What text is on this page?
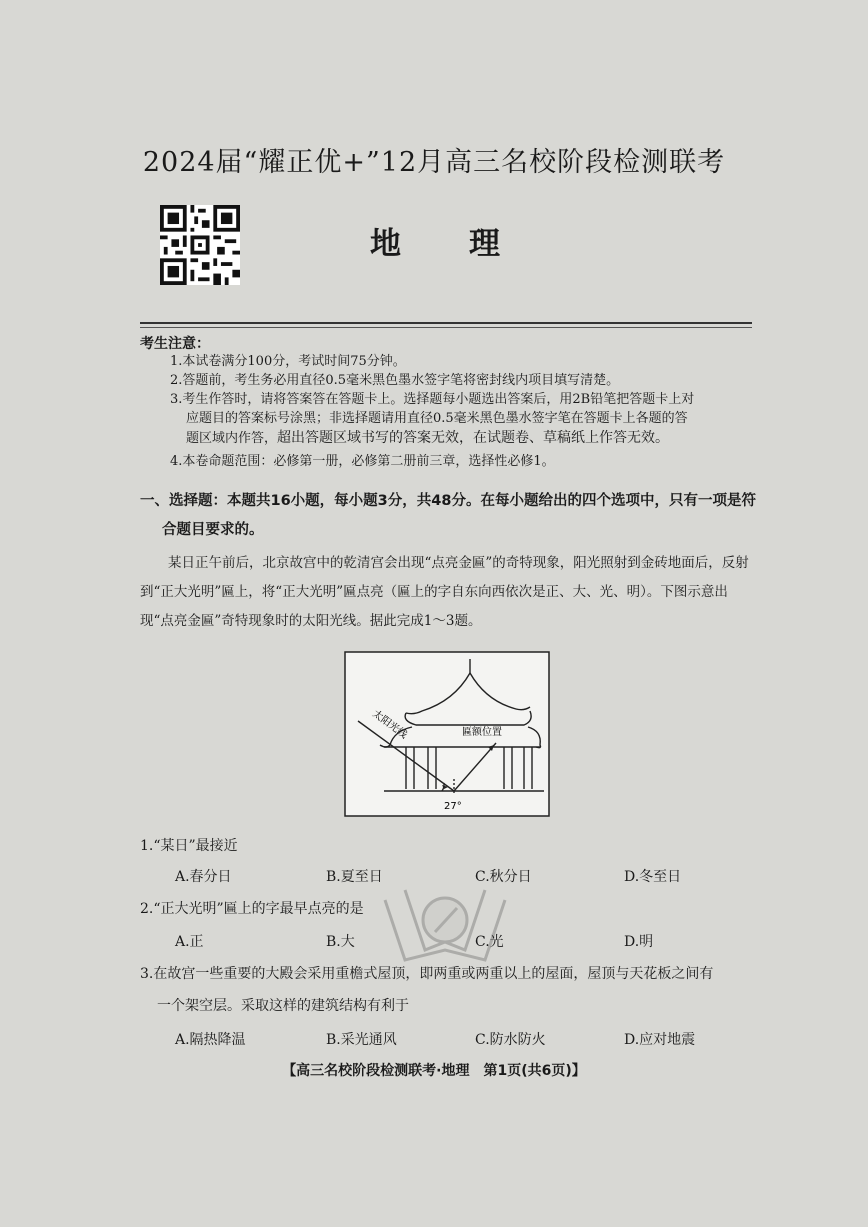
2024届“耀正优+”12月高三名校阶段检测联考
地理
考生注意：
1.本试卷满分100分，考试时间75分钟。
2.答题前，考生务必用直径0.5毫米黑色墨水签字笔将密封线内项目填写清楚。
3.考生作答时，请将答案答在答题卡上。选择题每小题选出答案后，用2B铅笔把答题卡上对
应题目的答案标号涂黑；非选择题请用直径0.5毫米黑色墨水签字笔在答题卡上各题的答
题区域内作答，超出答题区域书写的答案无效，在试题卷、草稿纸上作答无效。
4.本卷命题范围：必修第一册，必修第二册前三章，选择性必修1。
一、选择题：本题共16小题，每小题3分，共48分。在每小题给出的四个选项中，只有一项是符
合题目要求的。
某日正午前后，北京故宫中的乾清宫会出现“点亮金匾”的奇特现象，阳光照射到金砖地面后，反射到“正大光明”匾上，将“正大光明”匾点亮（匾上的字自东向西依次是正、大、光、明）。下图示意出现“点亮金匾”奇特现象时的太阳光线。据此完成1～3题。
太阳光线	匾额位置
27°
1.“某日”最接近
A.春分日	B.夏至日	C.秋分日	D.冬至日
2.“正大光明”匾上的字最早点亮的是
A.正	B.大	C.光	D.明
3.在故宫一些重要的大殿会采用重檐式屋顶，即两重或两重以上的屋面，屋顶与天花板之间有
一个架空层。采取这样的建筑结构有利于
A.隔热降温	B.采光通风	C.防水防火	D.应对地震
【高三名校阶段检测联考·地理　第1页(共6页)】
